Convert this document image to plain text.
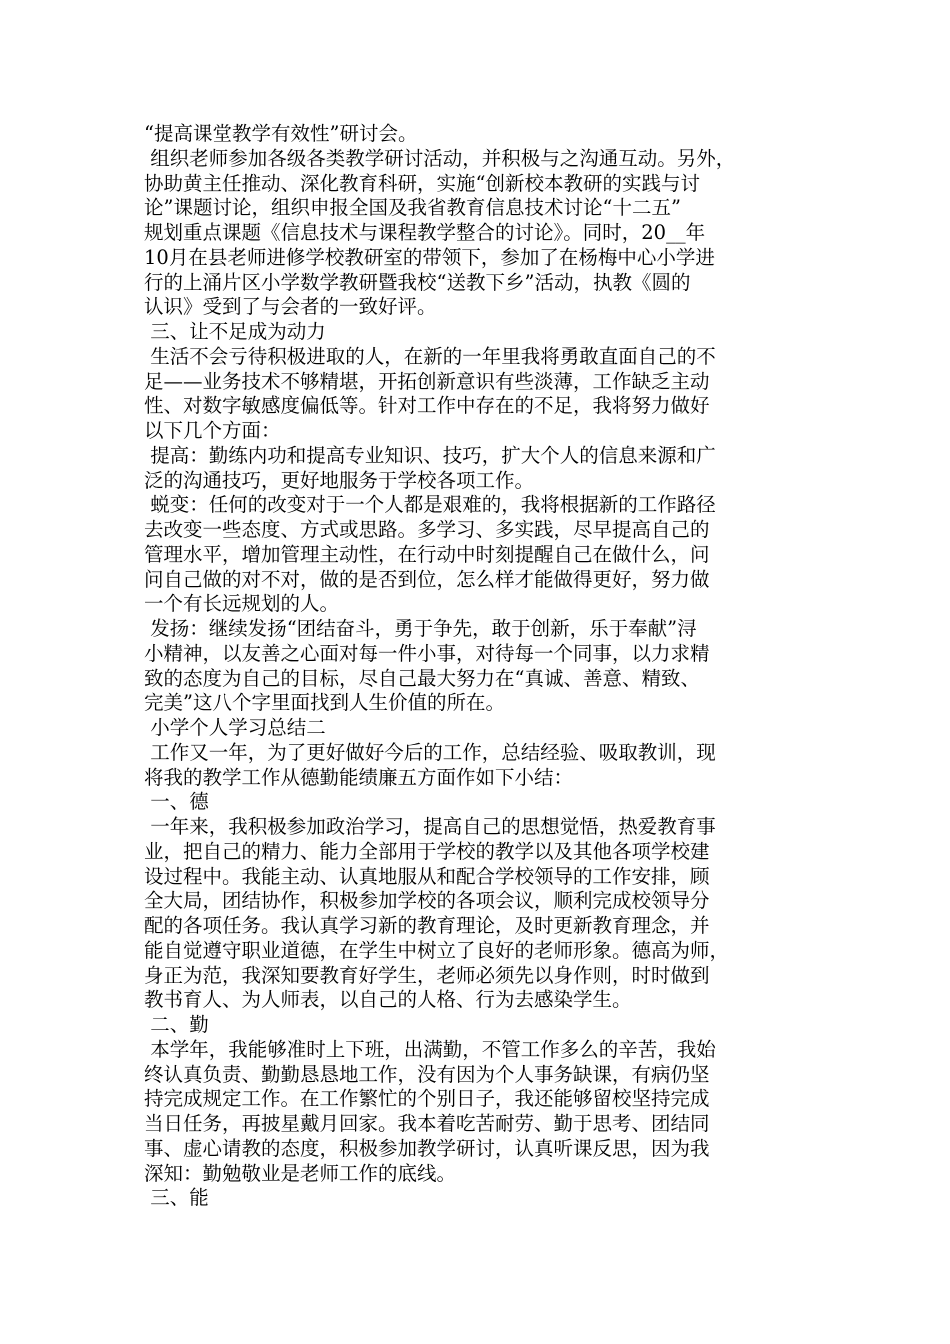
“提高课堂教学有效性”研讨会。
组织老师参加各级各类教学研讨活动，并积极与之沟通互动。另外，
协助黄主任推动、深化教育科研，实施“创新校本教研的实践与讨
论”课题讨论，组织申报全国及我省教育信息技术讨论“十二五”
规划重点课题《信息技术与课程教学整合的讨论》。同时，20__年
10月在县老师进修学校教研室的带领下，参加了在杨梅中心小学进
行的上涌片区小学数学教研暨我校“送教下乡”活动，执教《圆的
认识》受到了与会者的一致好评。
三、让不足成为动力
生活不会亏待积极进取的人，在新的一年里我将勇敢直面自己的不
足——业务技术不够精堪，开拓创新意识有些淡薄，工作缺乏主动
性、对数字敏感度偏低等。针对工作中存在的不足，我将努力做好
以下几个方面：
提高：勤练内功和提高专业知识、技巧，扩大个人的信息来源和广
泛的沟通技巧，更好地服务于学校各项工作。
蜕变：任何的改变对于一个人都是艰难的，我将根据新的工作路径
去改变一些态度、方式或思路。多学习、多实践，尽早提高自己的
管理水平，增加管理主动性，在行动中时刻提醒自己在做什么，问
问自己做的对不对，做的是否到位，怎么样才能做得更好，努力做
一个有长远规划的人。
发扬：继续发扬“团结奋斗，勇于争先，敢于创新，乐于奉献”浔
小精神，以友善之心面对每一件小事，对待每一个同事，以力求精
致的态度为自己的目标，尽自己最大努力在“真诚、善意、精致、
完美”这八个字里面找到人生价值的所在。
小学个人学习总结二
工作又一年，为了更好做好今后的工作，总结经验、吸取教训，现
将我的教学工作从德勤能绩廉五方面作如下小结：
一、德
一年来，我积极参加政治学习，提高自己的思想觉悟，热爱教育事
业，把自己的精力、能力全部用于学校的教学以及其他各项学校建
设过程中。我能主动、认真地服从和配合学校领导的工作安排，顾
全大局，团结协作，积极参加学校的各项会议，顺利完成校领导分
配的各项任务。我认真学习新的教育理论，及时更新教育理念，并
能自觉遵守职业道德，在学生中树立了良好的老师形象。德高为师，
身正为范，我深知要教育好学生，老师必须先以身作则，时时做到
教书育人、为人师表，以自己的人格、行为去感染学生。
二、勤
本学年，我能够准时上下班，出满勤，不管工作多么的辛苦，我始
终认真负责、勤勤恳恳地工作，没有因为个人事务缺课，有病仍坚
持完成规定工作。在工作繁忙的个别日子，我还能够留校坚持完成
当日任务，再披星戴月回家。我本着吃苦耐劳、勤于思考、团结同
事、虚心请教的态度，积极参加教学研讨，认真听课反思，因为我
深知：勤勉敬业是老师工作的底线。
三、能
